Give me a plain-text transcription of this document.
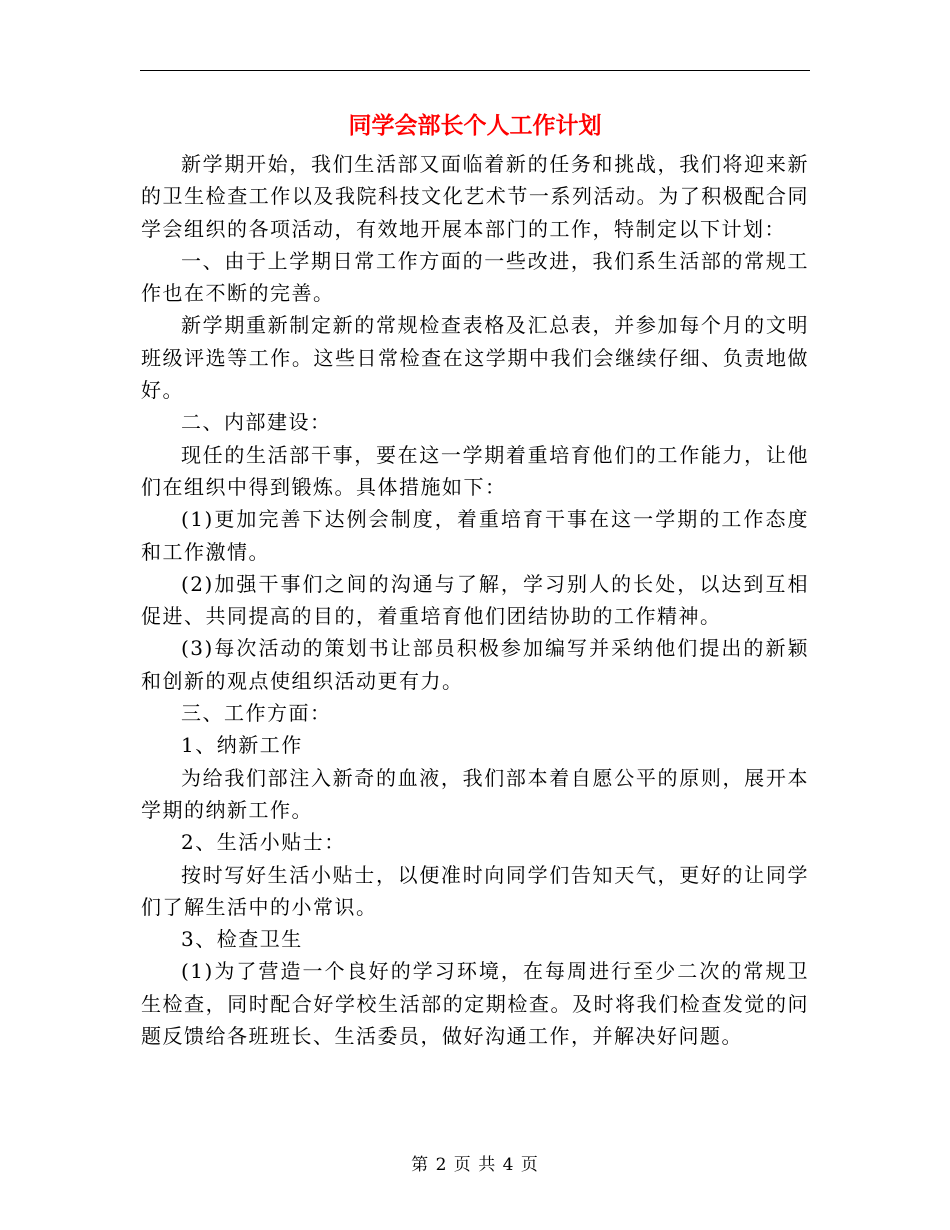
同学会部长个人工作计划

新学期开始，我们生活部又面临着新的任务和挑战，我们将迎来新的卫生检查工作以及我院科技文化艺术节一系列活动。为了积极配合同学会组织的各项活动，有效地开展本部门的工作，特制定以下计划：

一、由于上学期日常工作方面的一些改进，我们系生活部的常规工作也在不断的完善。

新学期重新制定新的常规检查表格及汇总表，并参加每个月的文明班级评选等工作。这些日常检查在这学期中我们会继续仔细、负责地做好。

二、内部建设：

现任的生活部干事，要在这一学期着重培育他们的工作能力，让他们在组织中得到锻炼。具体措施如下：

(1)更加完善下达例会制度，着重培育干事在这一学期的工作态度和工作激情。

(2)加强干事们之间的沟通与了解，学习别人的长处，以达到互相促进、共同提高的目的，着重培育他们团结协助的工作精神。

(3)每次活动的策划书让部员积极参加编写并采纳他们提出的新颖和创新的观点使组织活动更有力。

三、工作方面：

1、纳新工作

为给我们部注入新奇的血液，我们部本着自愿公平的原则，展开本学期的纳新工作。

2、生活小贴士：

按时写好生活小贴士，以便准时向同学们告知天气，更好的让同学们了解生活中的小常识。

3、检查卫生

(1)为了营造一个良好的学习环境，在每周进行至少二次的常规卫生检查，同时配合好学校生活部的定期检查。及时将我们检查发觉的问题反馈给各班班长、生活委员，做好沟通工作，并解决好问题。

第 2 页 共 4 页
